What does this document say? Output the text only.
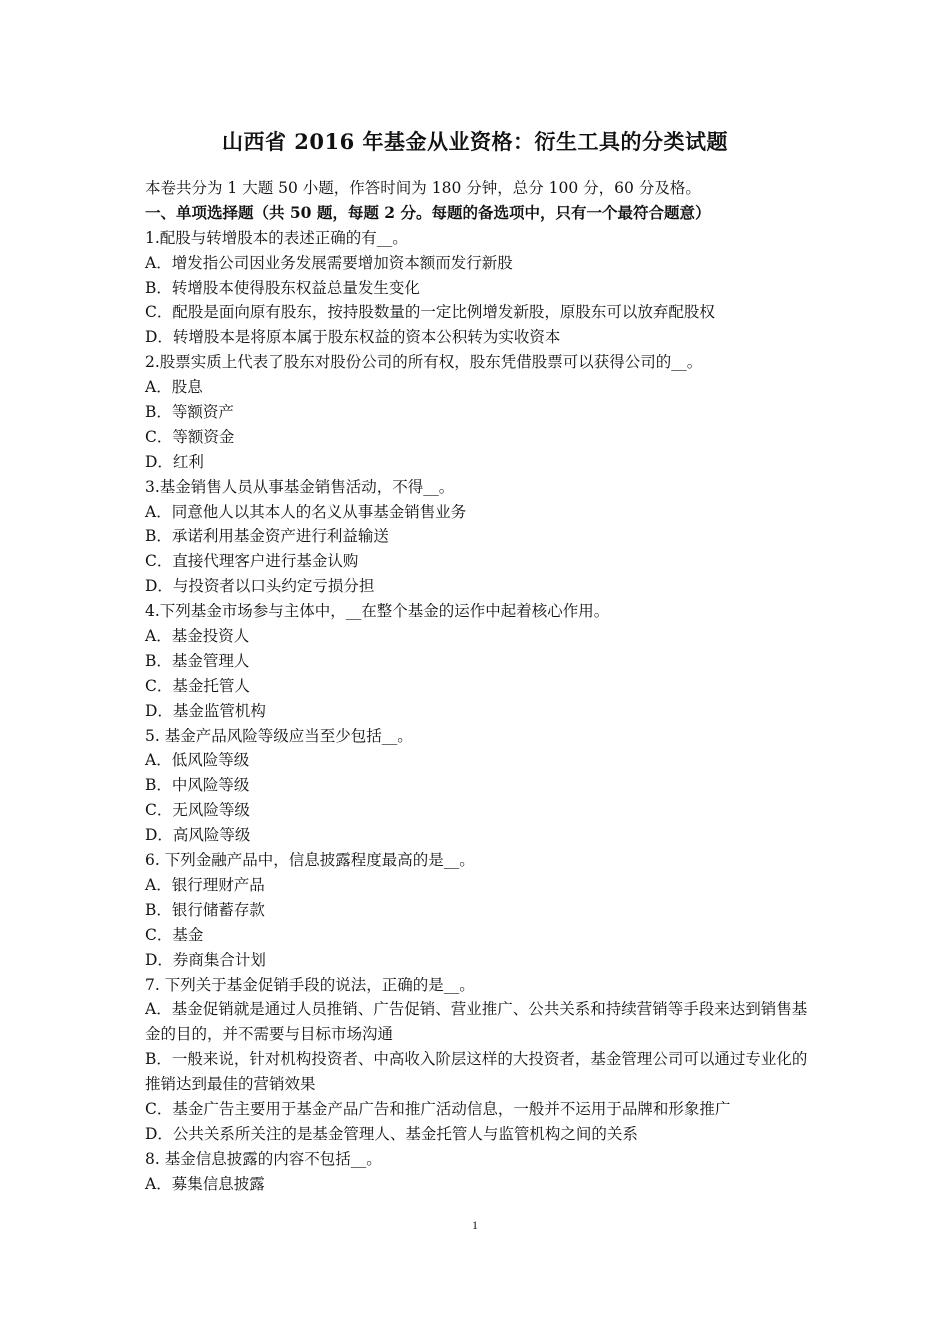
山西省 2016 年基金从业资格：衍生工具的分类试题
本卷共分为 1 大题 50 小题，作答时间为 180 分钟，总分 100 分，60 分及格。
一、单项选择题（共 50 题，每题 2 分。每题的备选项中，只有一个最符合题意）
1.配股与转增股本的表述正确的有__。
A．增发指公司因业务发展需要增加资本额而发行新股
B．转增股本使得股东权益总量发生变化
C．配股是面向原有股东，按持股数量的一定比例增发新股，原股东可以放弃配股权
D．转增股本是将原本属于股东权益的资本公积转为实收资本
2.股票实质上代表了股东对股份公司的所有权，股东凭借股票可以获得公司的__。
A．股息
B．等额资产
C．等额资金
D．红利
3.基金销售人员从事基金销售活动，不得__。
A．同意他人以其本人的名义从事基金销售业务
B．承诺利用基金资产进行利益输送
C．直接代理客户进行基金认购
D．与投资者以口头约定亏损分担
4.下列基金市场参与主体中，__在整个基金的运作中起着核心作用。
A．基金投资人
B．基金管理人
C．基金托管人
D．基金监管机构
5. 基金产品风险等级应当至少包括__。
A．低风险等级
B．中风险等级
C．无风险等级
D．高风险等级
6. 下列金融产品中，信息披露程度最高的是__。
A．银行理财产品
B．银行储蓄存款
C．基金
D．券商集合计划
7. 下列关于基金促销手段的说法，正确的是__。
A．基金促销就是通过人员推销、广告促销、营业推广、公共关系和持续营销等手段来达到销售基金的目的，并不需要与目标市场沟通
B．一般来说，针对机构投资者、中高收入阶层这样的大投资者，基金管理公司可以通过专业化的推销达到最佳的营销效果
C．基金广告主要用于基金产品广告和推广活动信息，一般并不运用于品牌和形象推广
D．公共关系所关注的是基金管理人、基金托管人与监管机构之间的关系
8. 基金信息披露的内容不包括__。
A．募集信息披露
1
